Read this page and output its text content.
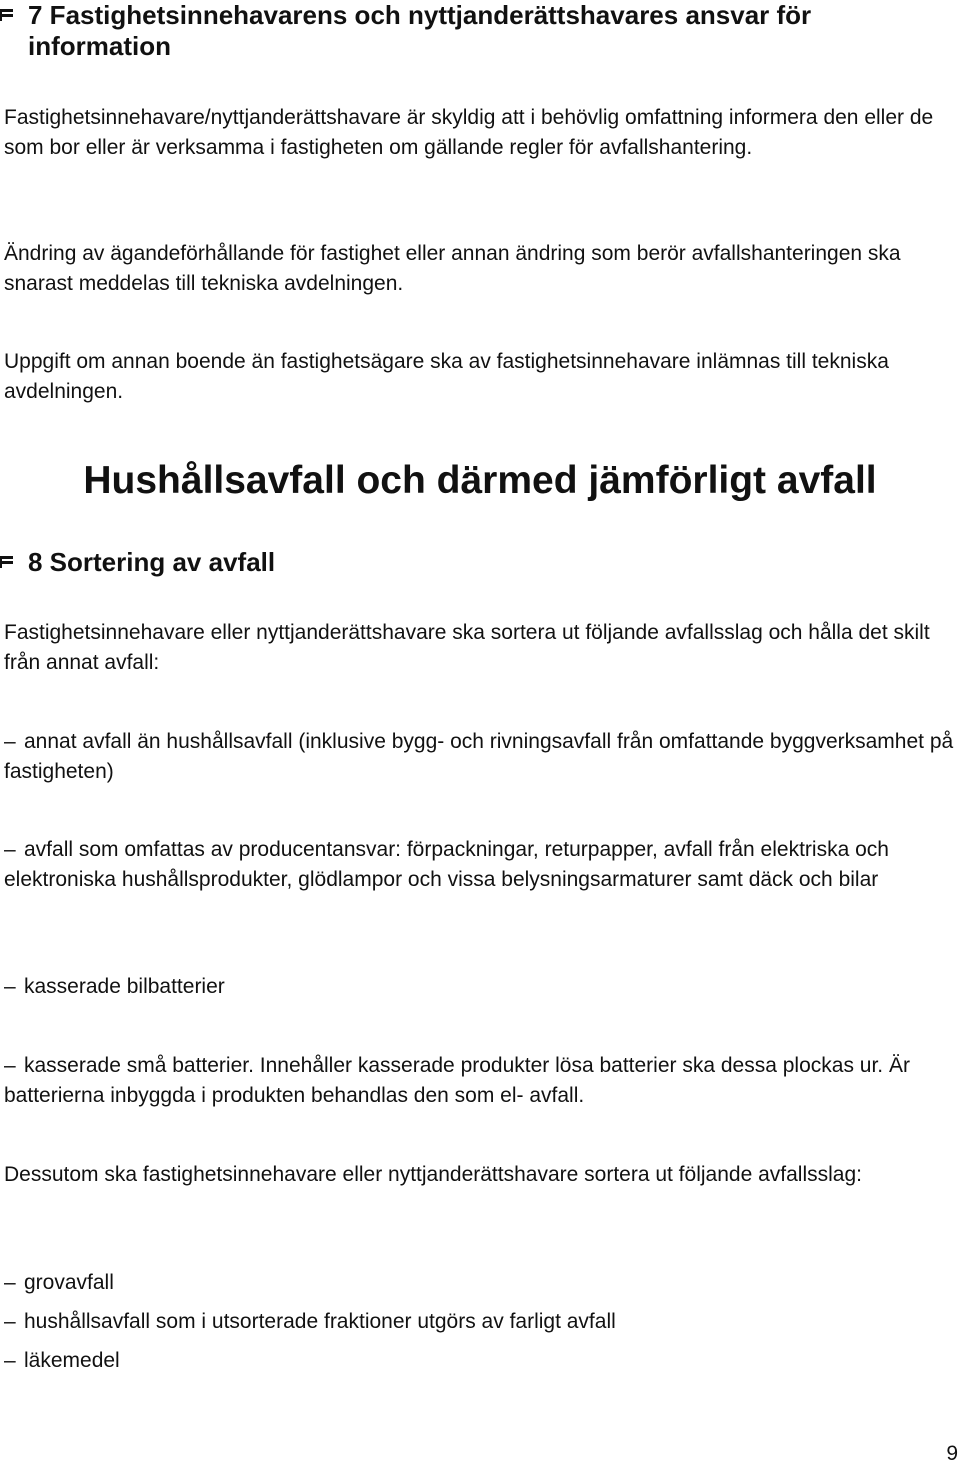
7 Fastighetsinnehavarens och nyttjanderättshavares ansvar för information

Fastighetsinnehavare/nyttjanderättshavare är skyldig att i behövlig omfattning informera den eller de som bor eller är verksamma i fastigheten om gällande regler för avfallshantering.

Ändring av ägandeförhållande för fastighet eller annan ändring som berör avfallshanteringen ska snarast meddelas till tekniska avdelningen.

Uppgift om annan boende än fastighetsägare ska av fastighetsinnehavare inlämnas till tekniska avdelningen.

Hushållsavfall och därmed jämförligt avfall
8 Sortering av avfall

Fastighetsinnehavare eller nyttjanderättshavare ska sortera ut följande avfallsslag och hålla det skilt från annat avfall:

– annat avfall än hushållsavfall (inklusive bygg- och rivningsavfall från omfattande byggverksamhet på fastigheten)

– avfall som omfattas av producentansvar: förpackningar, returpapper, avfall från elektriska och elektroniska hushållsprodukter, glödlampor och vissa belysningsarmaturer samt däck och bilar

– kasserade bilbatterier

– kasserade små batterier. Innehåller kasserade produkter lösa batterier ska dessa plockas ur. Är batterierna inbyggda i produkten behandlas den som el- avfall.

Dessutom ska fastighetsinnehavare eller nyttjanderättshavare sortera ut följande avfallsslag:

– grovavfall

– hushållsavfall som i utsorterade fraktioner utgörs av farligt avfall

– läkemedel

9
